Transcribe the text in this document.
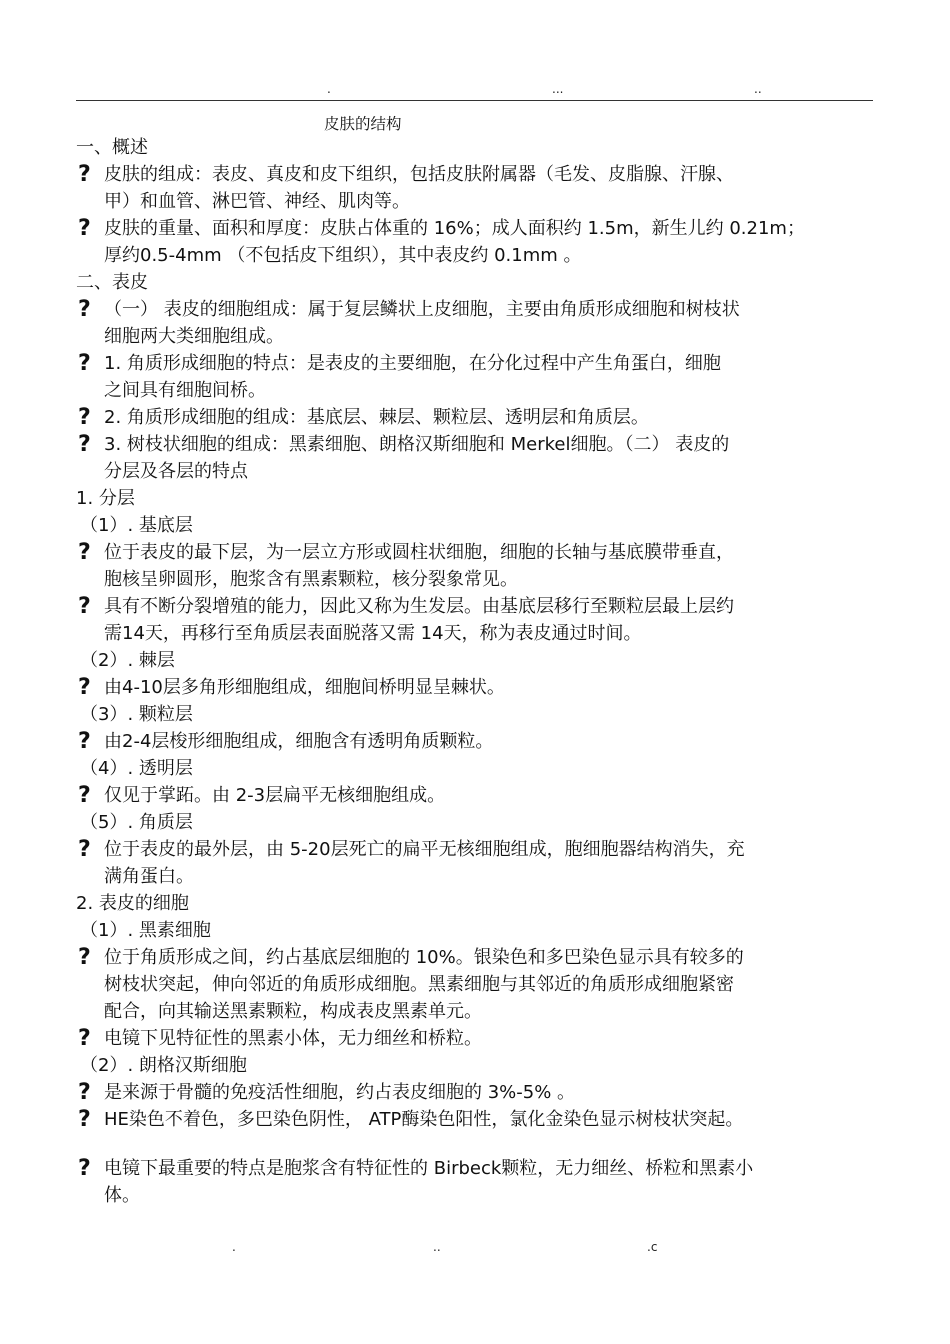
.	...	..
皮肤的结构
一、概述
? 皮肤的组成：表皮、真皮和皮下组织，包括皮肤附属器（毛发、皮脂腺、汗腺、
甲）和血管、淋巴管、神经、肌肉等。
? 皮肤的重量、面积和厚度：皮肤占体重的 16%；成人面积约 1.5m，新生儿约 0.21m；
厚约0.5-4mm （不包括皮下组织），其中表皮约 0.1mm 。
二、表皮
? （一） 表皮的细胞组成：属于复层鳞状上皮细胞，主要由角质形成细胞和树枝状
细胞两大类细胞组成。
? 1. 角质形成细胞的特点：是表皮的主要细胞，在分化过程中产生角蛋白，细胞
之间具有细胞间桥。
? 2. 角质形成细胞的组成：基底层、棘层、颗粒层、透明层和角质层。
? 3. 树枝状细胞的组成：黑素细胞、朗格汉斯细胞和 Merkel细胞。（二） 表皮的
分层及各层的特点
1. 分层
（1）. 基底层
? 位于表皮的最下层，为一层立方形或圆柱状细胞，细胞的长轴与基底膜带垂直，
胞核呈卵圆形，胞浆含有黑素颗粒，核分裂象常见。
? 具有不断分裂增殖的能力，因此又称为生发层。由基底层移行至颗粒层最上层约
需14天，再移行至角质层表面脱落又需 14天，称为表皮通过时间。
（2）. 棘层
? 由4-10层多角形细胞组成，细胞间桥明显呈棘状。
（3）. 颗粒层
? 由2-4层梭形细胞组成，细胞含有透明角质颗粒。
（4）. 透明层
? 仅见于掌跖。由 2-3层扁平无核细胞组成。
（5）. 角质层
? 位于表皮的最外层，由 5-20层死亡的扁平无核细胞组成，胞细胞器结构消失，充
满角蛋白。
2. 表皮的细胞
（1）. 黑素细胞
? 位于角质形成之间，约占基底层细胞的 10%。银染色和多巴染色显示具有较多的
树枝状突起，伸向邻近的角质形成细胞。黑素细胞与其邻近的角质形成细胞紧密
配合，向其输送黑素颗粒，构成表皮黑素单元。
? 电镜下见特征性的黑素小体，无力细丝和桥粒。
（2）. 朗格汉斯细胞
? 是来源于骨髓的免疫活性细胞，约占表皮细胞的 3%-5% 。
? HE染色不着色，多巴染色阴性， ATP酶染色阳性，氯化金染色显示树枝状突起。
? 电镜下最重要的特点是胞浆含有特征性的 Birbeck颗粒，无力细丝、桥粒和黑素小
体。
.	..	.c
